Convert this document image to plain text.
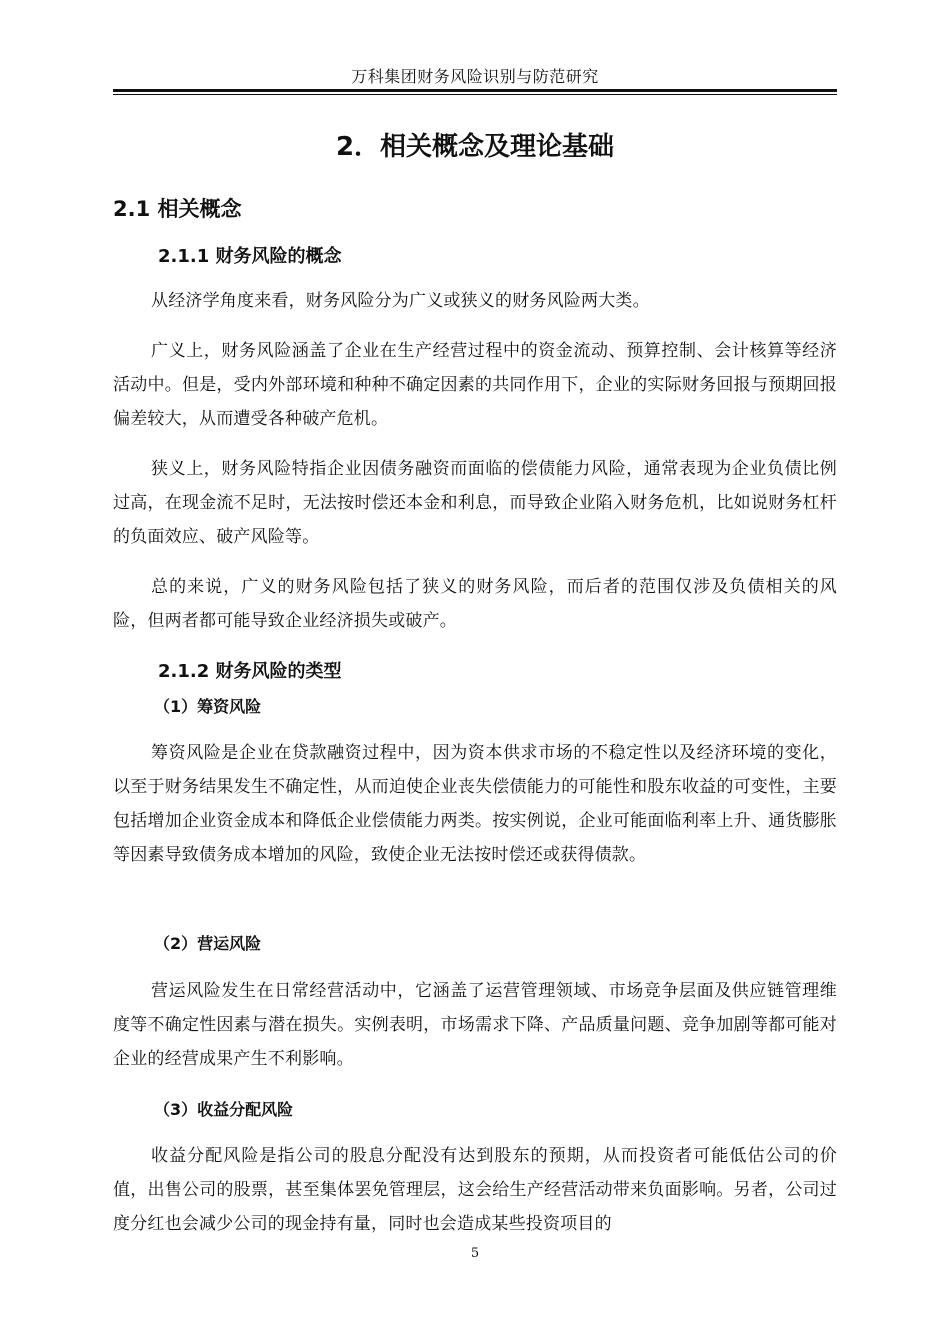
万科集团财务风险识别与防范研究
2．相关概念及理论基础
2.1 相关概念
2.1.1 财务风险的概念

从经济学角度来看，财务风险分为广义或狭义的财务风险两大类。

广义上，财务风险涵盖了企业在生产经营过程中的资金流动、预算控制、会计核算等经济活动中。但是，受内外部环境和种种不确定因素的共同作用下，企业的实际财务回报与预期回报偏差较大，从而遭受各种破产危机。

狭义上，财务风险特指企业因债务融资而面临的偿债能力风险，通常表现为企业负债比例过高，在现金流不足时，无法按时偿还本金和利息，而导致企业陷入财务危机，比如说财务杠杆的负面效应、破产风险等。

总的来说，广义的财务风险包括了狭义的财务风险，而后者的范围仅涉及负债相关的风险，但两者都可能导致企业经济损失或破产。

2.1.2 财务风险的类型
（1）筹资风险

筹资风险是企业在贷款融资过程中，因为资本供求市场的不稳定性以及经济环境的变化，以至于财务结果发生不确定性，从而迫使企业丧失偿债能力的可能性和股东收益的可变性，主要包括增加企业资金成本和降低企业偿债能力两类。按实例说，企业可能面临利率上升、通货膨胀等因素导致债务成本增加的风险，致使企业无法按时偿还或获得债款。

（2）营运风险

营运风险发生在日常经营活动中，它涵盖了运营管理领域、市场竞争层面及供应链管理维度等不确定性因素与潜在损失。实例表明，市场需求下降、产品质量问题、竞争加剧等都可能对企业的经营成果产生不利影响。

（3）收益分配风险

收益分配风险是指公司的股息分配没有达到股东的预期，从而投资者可能低估公司的价值，出售公司的股票，甚至集体罢免管理层，这会给生产经营活动带来负面影响。另者，公司过度分红也会减少公司的现金持有量，同时也会造成某些投资项目的

5
